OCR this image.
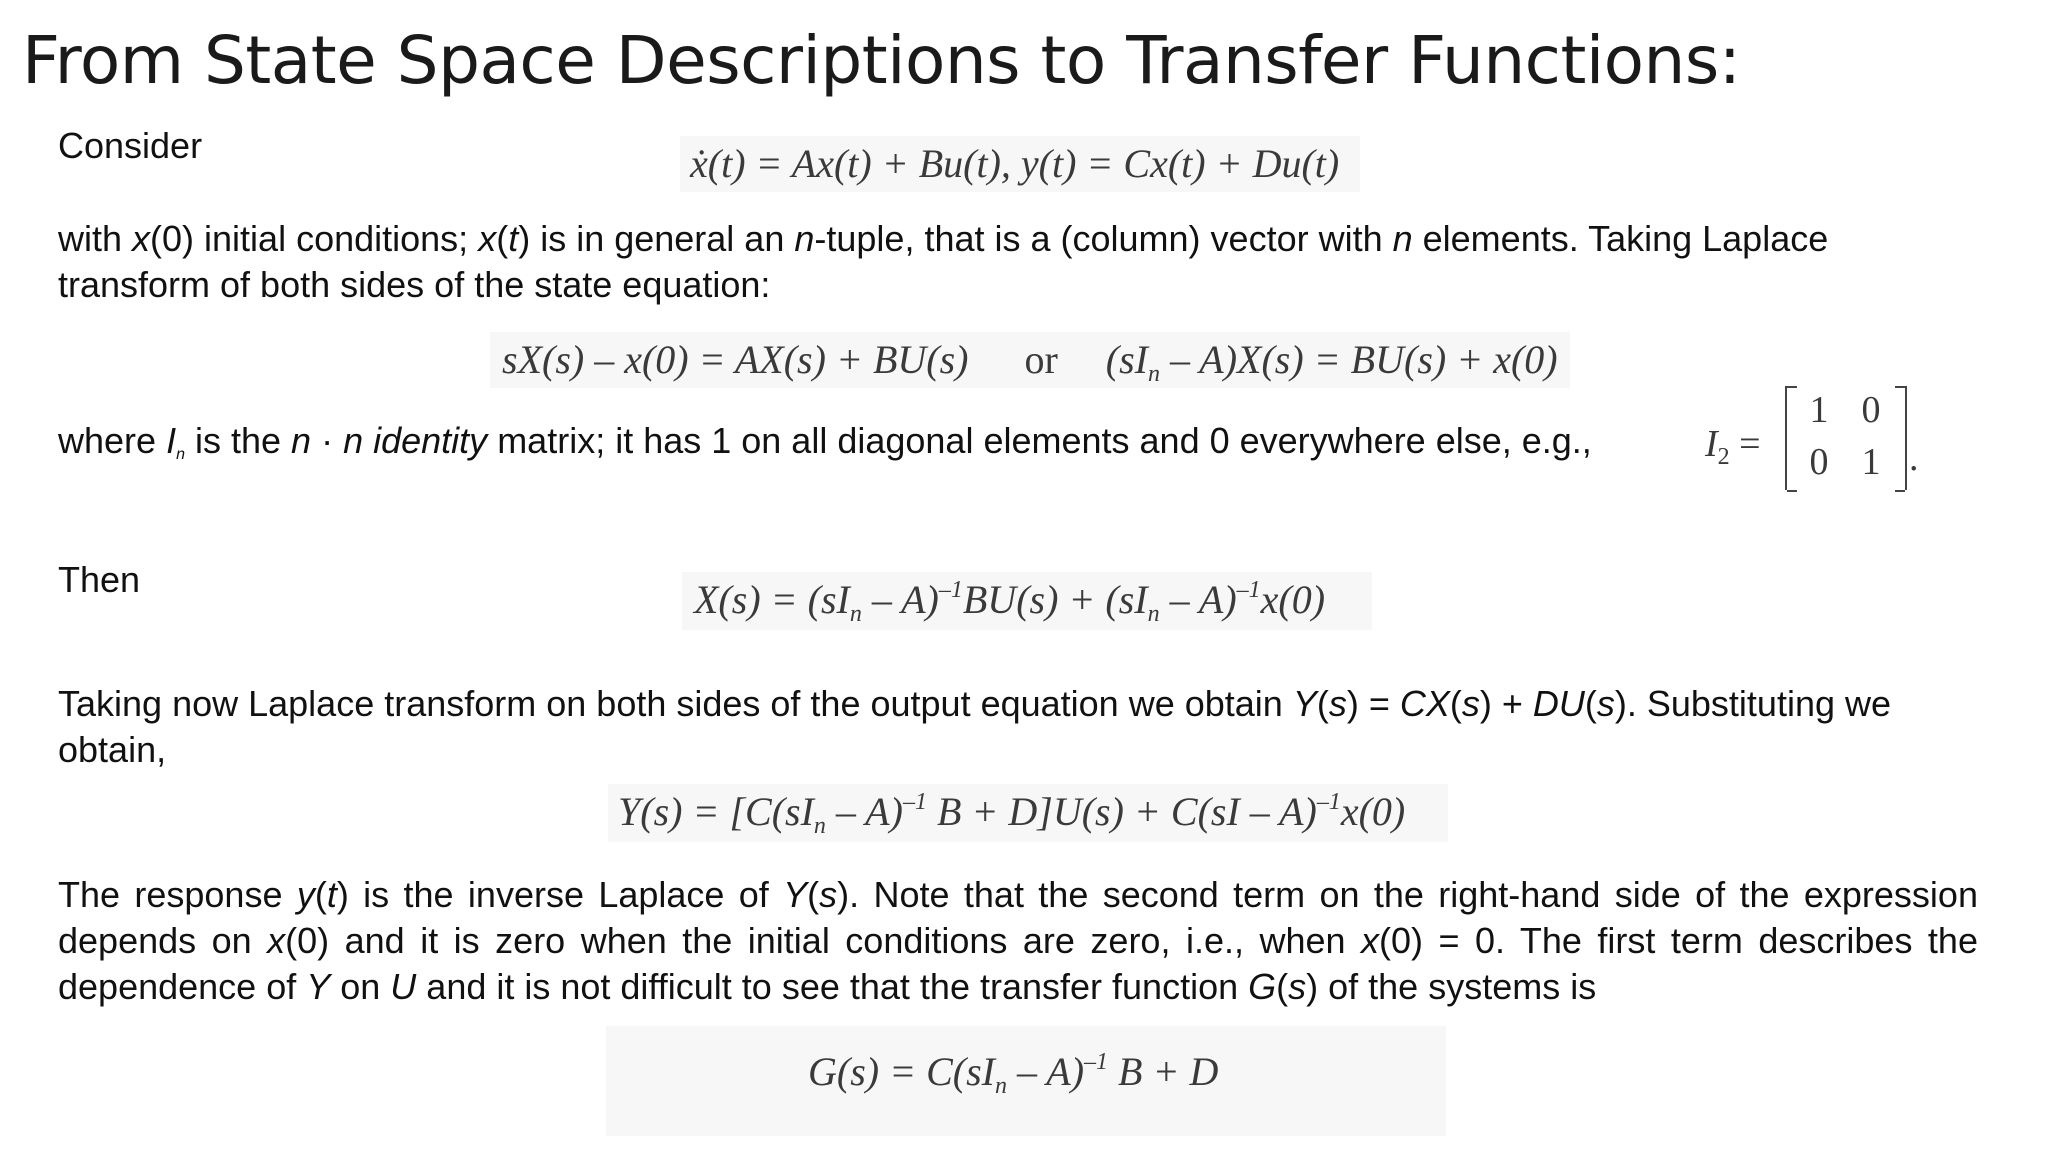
From State Space Descriptions to Transfer Functions:
Consider	ẋ(t) = Ax(t) + Bu(t), y(t) = Cx(t) + Du(t)
with x(0) initial conditions; x(t) is in general an n-tuple, that is a (column) vector with n elements. Taking Laplace transform of both sides of the state equation:
sX(s) – x(0) = AX(s) + BU(s) or $(sI_n - A)X(s) = BU(s) + x(0)$
where In is the n · n identity matrix; it has 1 on all diagonal elements and 0 everywhere else, e.g.,	$I_2$ =
1 0
0 1 .
Then	$X(s) = (sI_n - A)^{-1}BU(s) + (sI_n - A)^{-1}x(0)$
Taking now Laplace transform on both sides of the output equation we obtain Y(s) = CX(s) + DU(s). Substituting we obtain,
$Y(s) = [C(sI_n - A)^{-1}$ B + D]U(s) + C(sI – A)$^{-1}$x(0)
The response y(t) is the inverse Laplace of Y(s). Note that the second term on the right-hand side of the expression depends on x(0) and it is zero when the initial conditions are zero, i.e., when x(0) = 0. The first term describes the dependence of Y on U and it is not difficult to see that the transfer function G(s) of the systems is
$G(s) = C(sI_n - A)^{-1}$ B + D
